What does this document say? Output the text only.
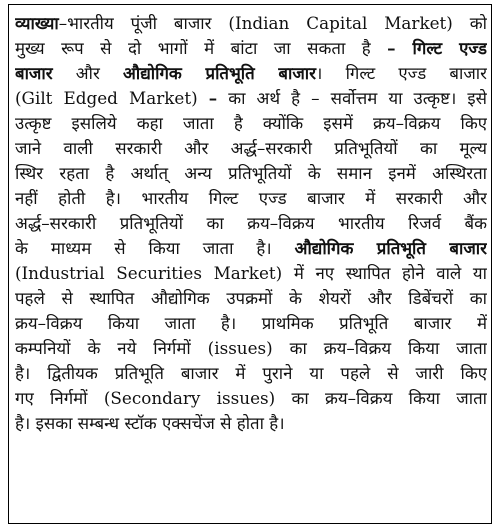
व्याख्या–भारतीय पूंजी बाजार (Indian Capital Market) को
मुख्य रूप से दो भागों में बांटा जा सकता है – गिल्ट एज्ड
बाजार और औद्योगिक प्रतिभूति बाजार। गिल्ट एज्ड बाजार
(Gilt Edged Market) – का अर्थ है – सर्वोत्तम या उत्कृष्ट। इसे
उत्कृष्ट इसलिये कहा जाता है क्योंकि इसमें क्रय–विक्रय किए
जाने वाली सरकारी और अर्द्ध–सरकारी प्रतिभूतियों का मूल्य
स्थिर रहता है अर्थात् अन्य प्रतिभूतियों के समान इनमें अस्थिरता
नहीं होती है। भारतीय गिल्ट एज्ड बाजार में सरकारी और
अर्द्ध–सरकारी प्रतिभूतियों का क्रय–विक्रय भारतीय रिजर्व बैंक
के माध्यम से किया जाता है। औद्योगिक प्रतिभूति बाजार
(Industrial Securities Market) में नए स्थापित होने वाले या
पहले से स्थापित औद्योगिक उपक्रमों के शेयरों और डिबेंचरों का
क्रय–विक्रय किया जाता है। प्राथमिक प्रतिभूति बाजार में
कम्पनियों के नये निर्गमों (issues) का क्रय–विक्रय किया जाता
है। द्वितीयक प्रतिभूति बाजार में पुराने या पहले से जारी किए
गए निर्गमों (Secondary issues) का क्रय–विक्रय किया जाता
है। इसका सम्बन्ध स्टॉक एक्सचेंज से होता है।
